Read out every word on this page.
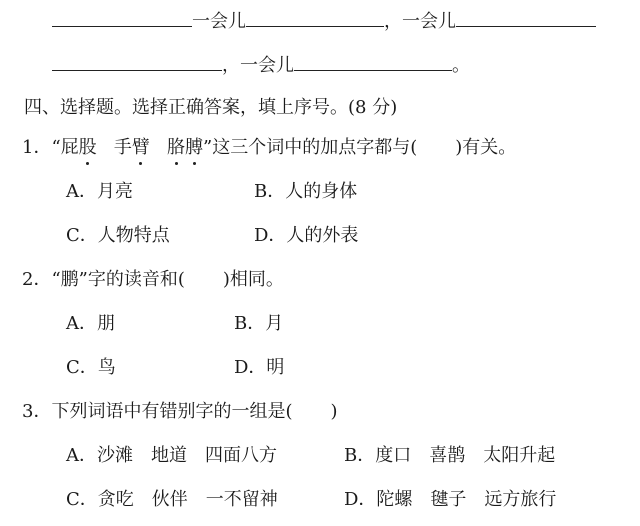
一会儿	，一会儿
，一会儿	。
四、选择题。选择正确答案，填上序号。(8 分)
1．“屁股 手臂 胳膊”这三个词中的加点字都与( )有关。
A．月亮	B．人的身体
C．人物特点	D．人的外表
2．“鹏”字的读音和( )相同。
A．朋	B．月
C．鸟	D．明
3．下列词语中有错别字的一组是( )
A．沙滩　地道　四面八方	B．度口　喜鹊　太阳升起
C．贪吃　伙伴　一不留神	D．陀螺　毽子　远方旅行
